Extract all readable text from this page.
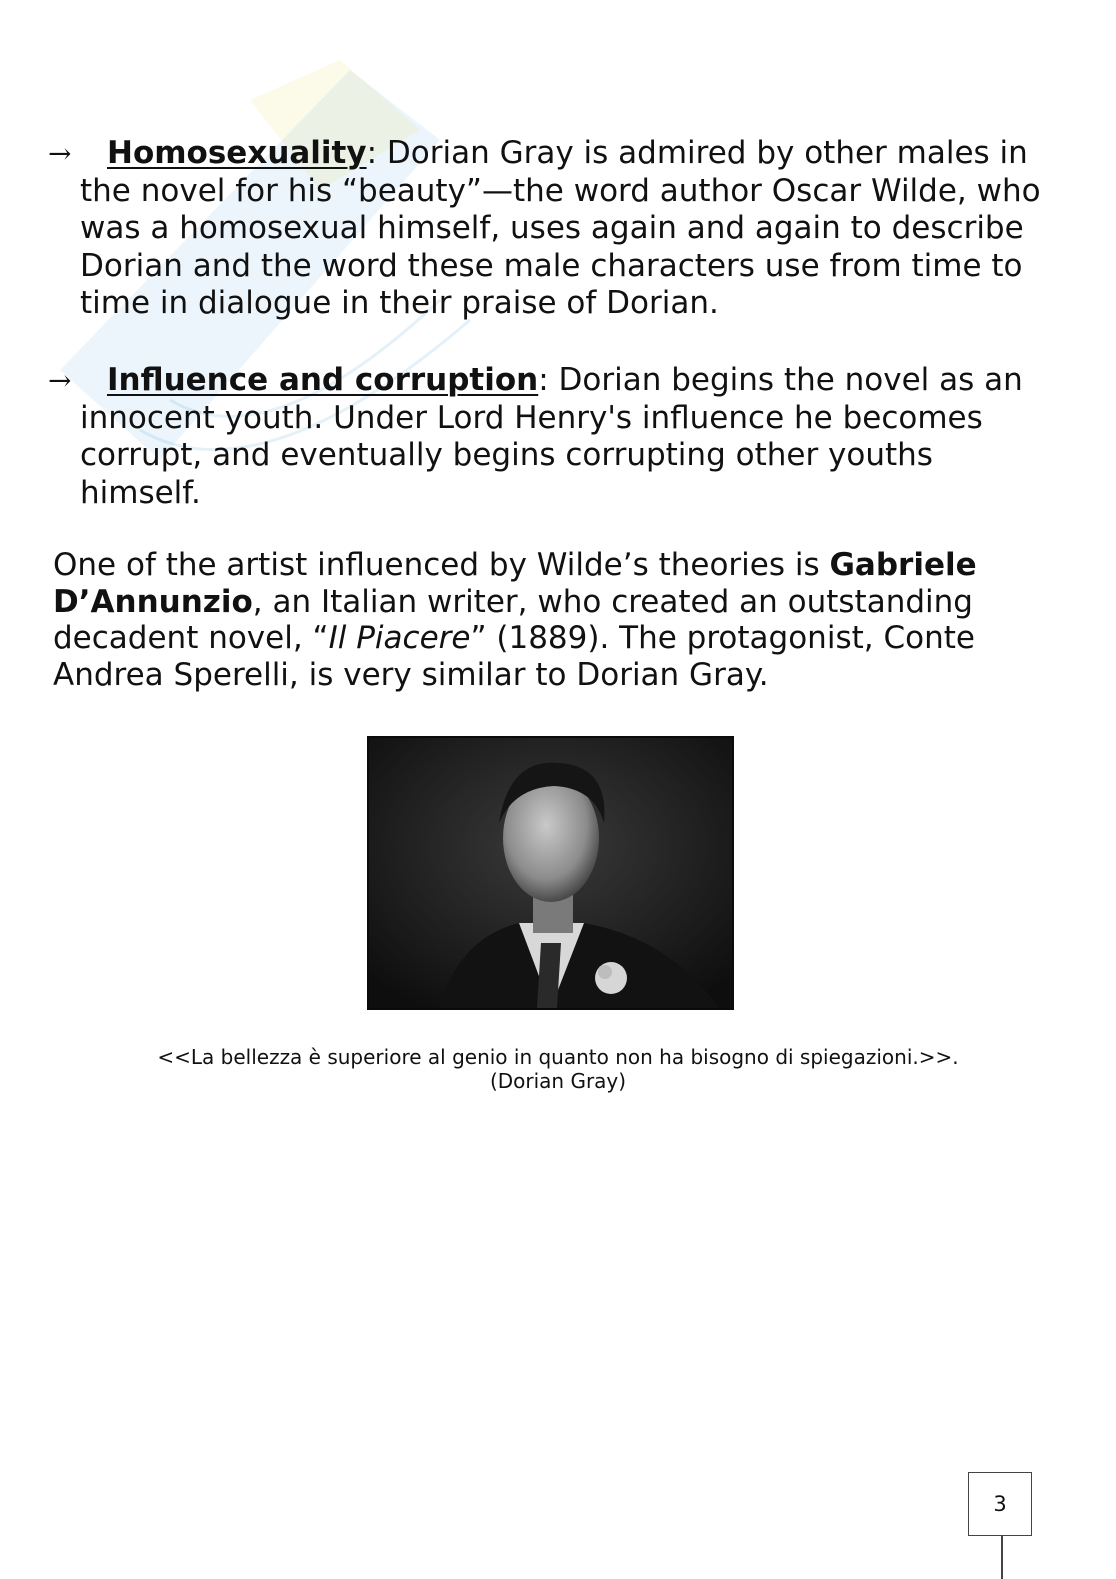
→	Homosexuality: Dorian Gray is admired by other males in the novel for his “beauty”—the word author Oscar Wilde, who was a homosexual himself, uses again and again to describe Dorian and the word these male characters use from time to time in dialogue in their praise of Dorian.
→	Influence and corruption: Dorian begins the novel as an innocent youth. Under Lord Henry's influence he becomes corrupt, and eventually begins corrupting other youths himself.
One of the artist influenced by Wilde’s theories is Gabriele D’Annunzio, an Italian writer, who created an outstanding decadent novel, “Il Piacere” (1889). The protagonist, Conte Andrea Sperelli, is very similar to Dorian Gray.
<<La bellezza è superiore al genio in quanto non ha bisogno di spiegazioni.>>.
(Dorian Gray)
3
